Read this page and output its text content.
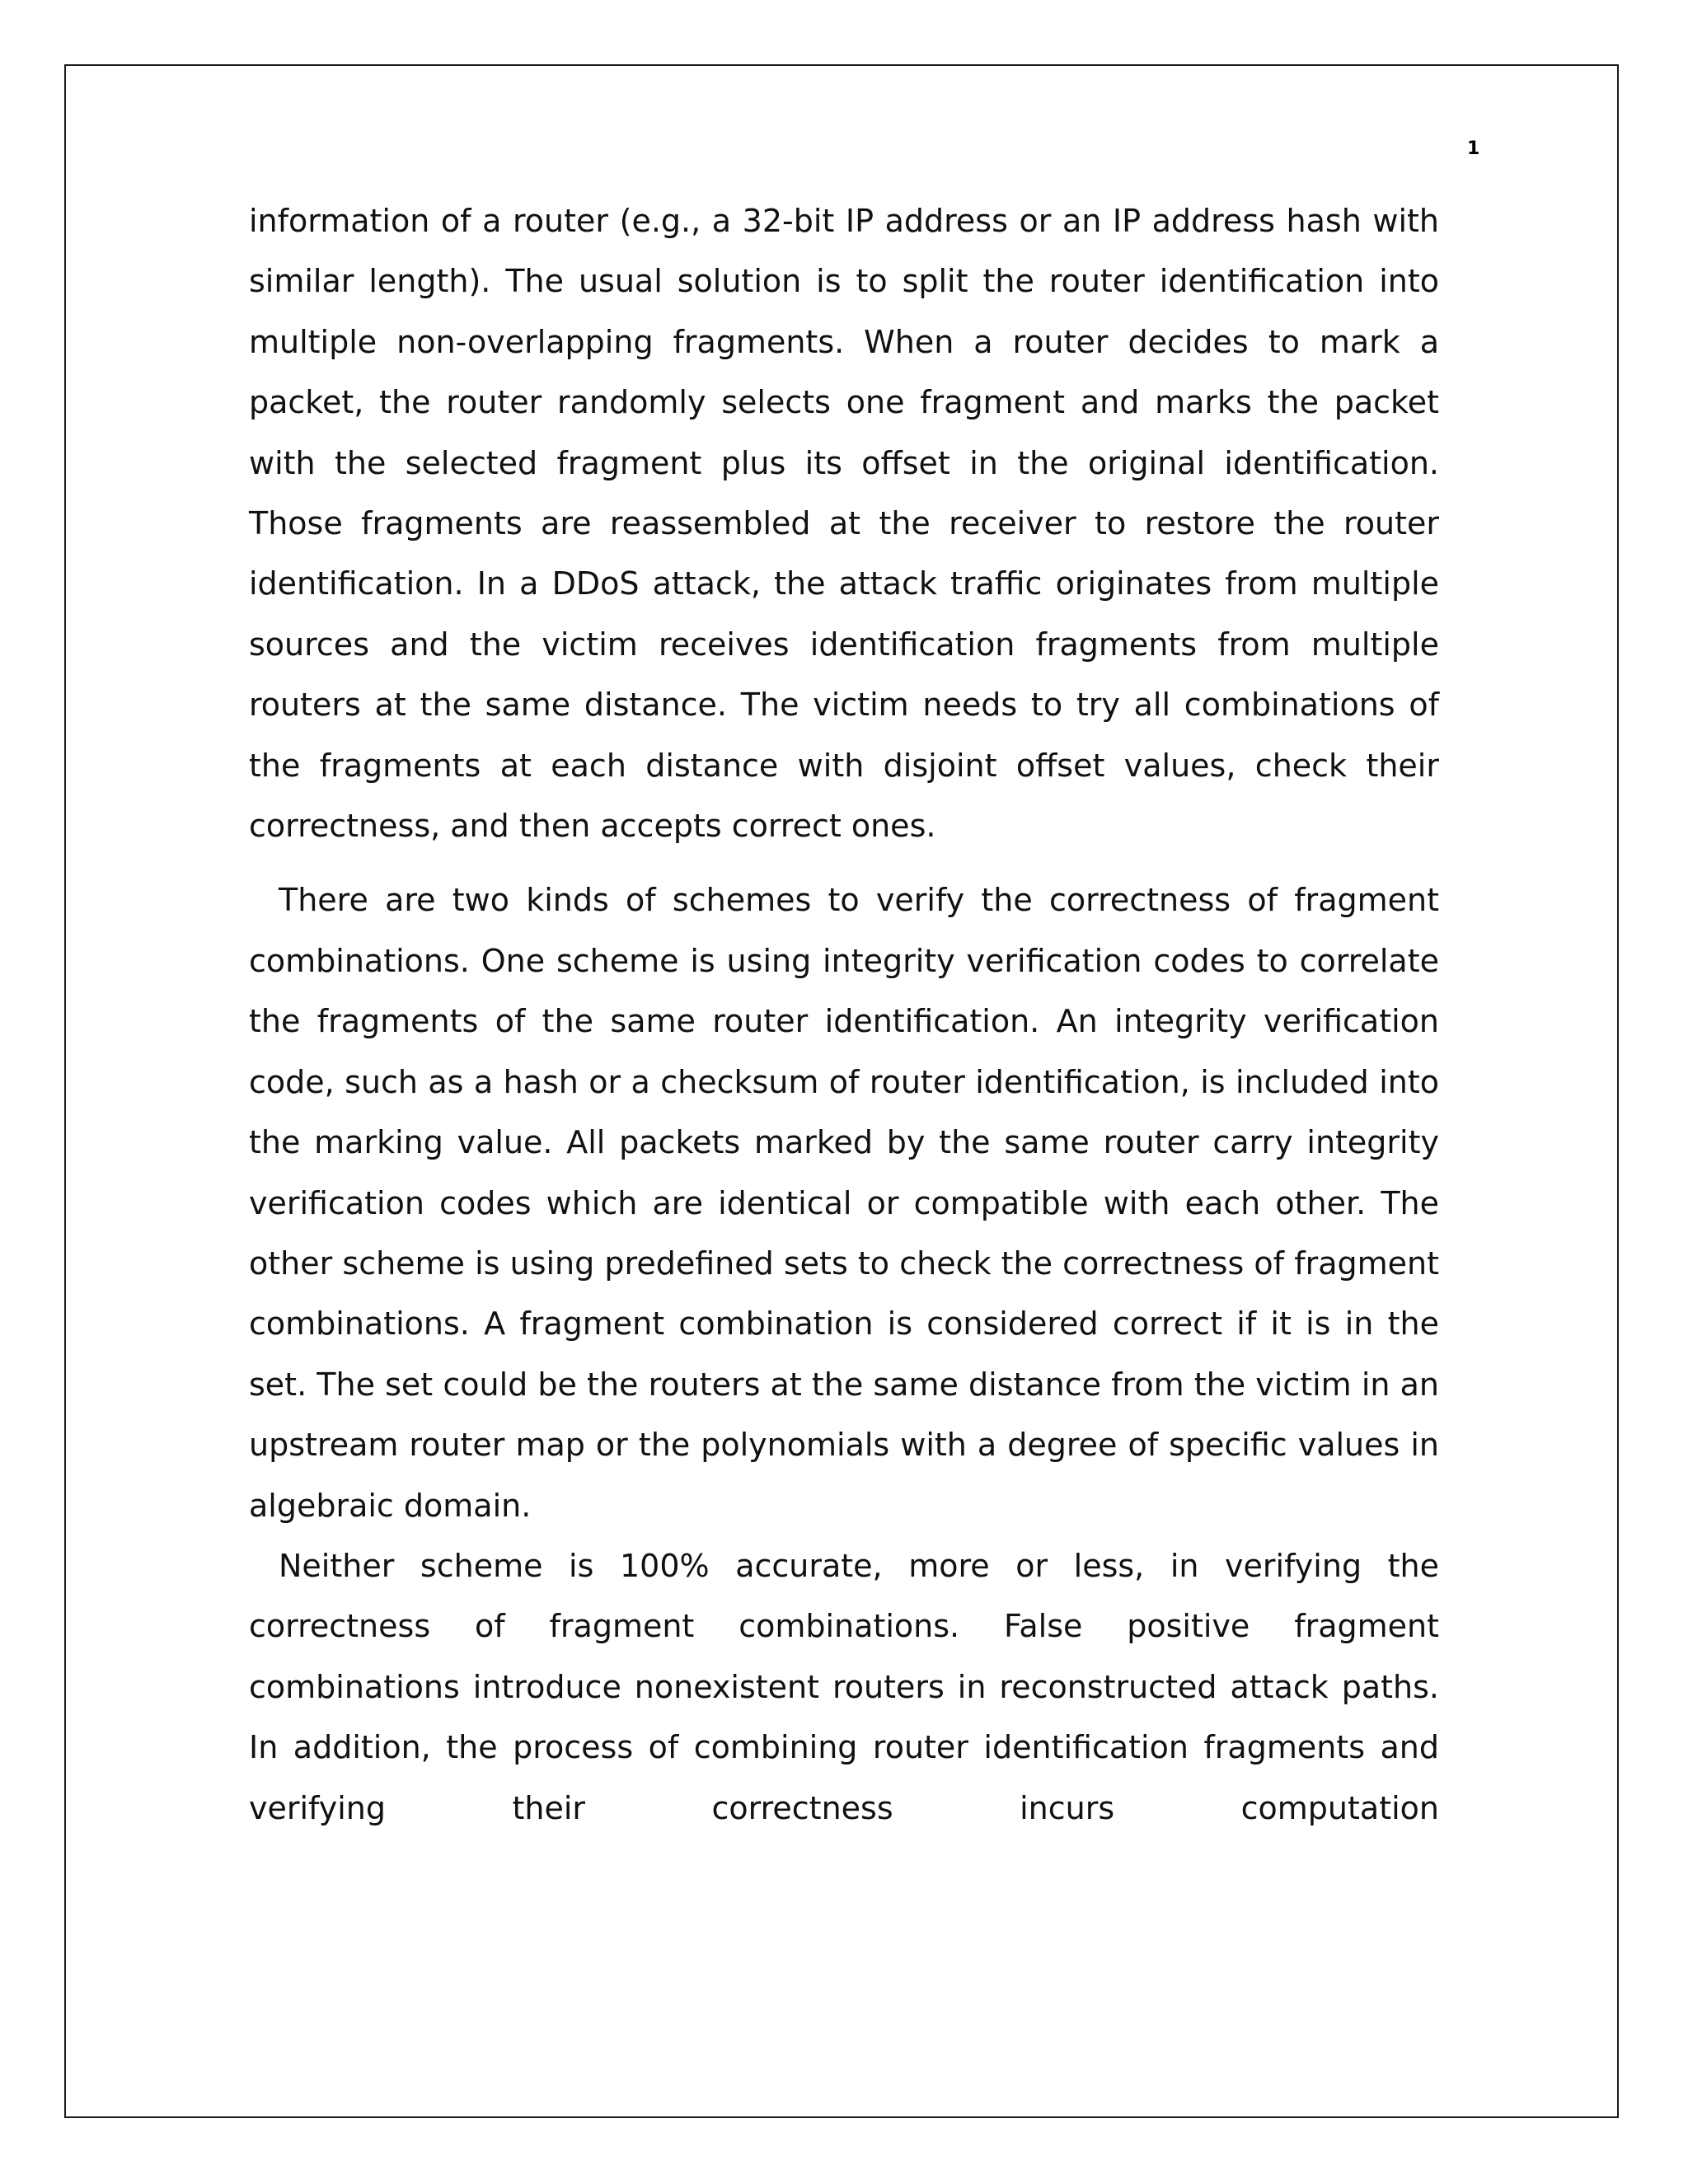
1

information of a router (e.g., a 32-bit IP address or an IP address hash with similar length). The usual solution is to split the router identification into multiple non-overlapping fragments. When a router decides to mark a packet, the router randomly selects one fragment and marks the packet with the selected fragment plus its offset in the original identification. Those fragments are reassembled at the receiver to restore the router identification. In a DDoS attack, the attack traffic originates from multiple sources and the victim receives identification fragments from multiple routers at the same distance. The victim needs to try all combinations of the fragments at each distance with disjoint offset values, check their correctness, and then accepts correct ones.

There are two kinds of schemes to verify the correctness of fragment combinations. One scheme is using integrity verification codes to correlate the fragments of the same router identification. An integrity verification code, such as a hash or a checksum of router identification, is included into the marking value. All packets marked by the same router carry integrity verification codes which are identical or compatible with each other. The other scheme is using predefined sets to check the correctness of fragment combinations. A fragment combination is considered correct if it is in the set. The set could be the routers at the same distance from the victim in an upstream router map or the polynomials with a degree of specific values in algebraic domain.

Neither scheme is 100% accurate, more or less, in verifying the correctness of fragment combinations. False positive fragment combinations introduce nonexistent routers in reconstructed attack paths. In addition, the process of combining router identification fragments and verifying their correctness incurs computation
